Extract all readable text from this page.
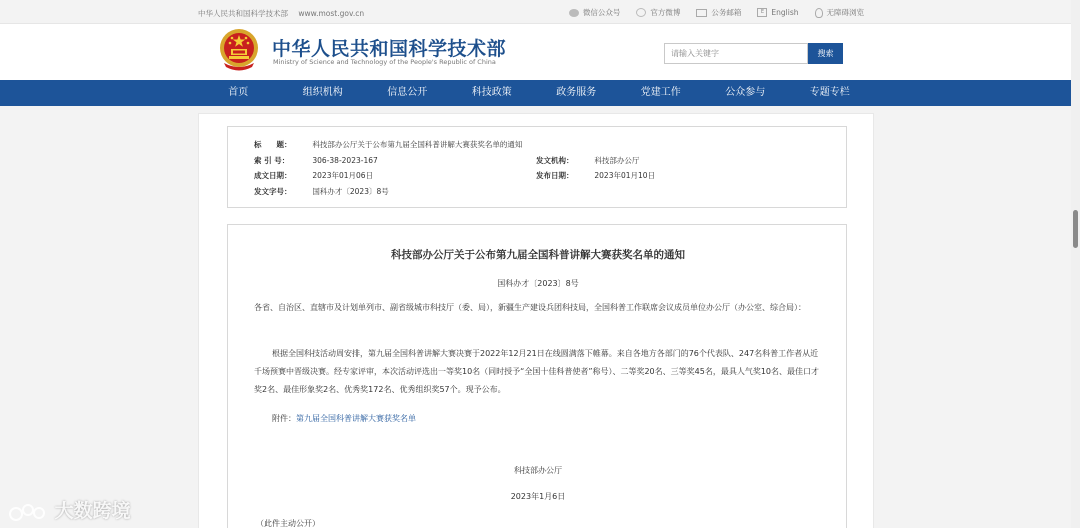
中华人民共和国科学技术部 www.most.gov.cn	微信公众号	官方微博	公务邮箱	E English	无障碍浏览
中华人民共和国科学技术部
Ministry of Science and Technology of the People's Republic of China
请输入关键字
搜索
首页	组织机构	信息公开	科技政策	政务服务	党建工作	公众参与	专题专栏
标　　题：	科技部办公厅关于公布第九届全国科普讲解大赛获奖名单的通知
索 引 号：	306-38-2023-167	发文机构：	科技部办公厅
成文日期：	2023年01月06日	发布日期：	2023年01月10日
发文字号：	国科办才〔2023〕8号
科技部办公厅关于公布第九届全国科普讲解大赛获奖名单的通知
国科办才〔2023〕8号
各省、自治区、直辖市及计划单列市、副省级城市科技厅（委、局），新疆生产建设兵团科技局，全国科普工作联席会议成员单位办公厅（办公室、综合局）：
根据全国科技活动周安排，第九届全国科普讲解大赛决赛于2022年12月21日在线圆满落下帷幕。来自各地方各部门的76个代表队、247名科普工作者从近千场预赛中晋级决赛。经专家评审，本次活动评选出一等奖10名（同时授予“全国十佳科普使者”称号）、二等奖20名、三等奖45名，最具人气奖10名、最佳口才奖2名、最佳形象奖2名、优秀奖172名、优秀组织奖57个。现予公布。
附件：第九届全国科普讲解大赛获奖名单
科技部办公厅
2023年1月6日
（此件主动公开）
大数跨境
